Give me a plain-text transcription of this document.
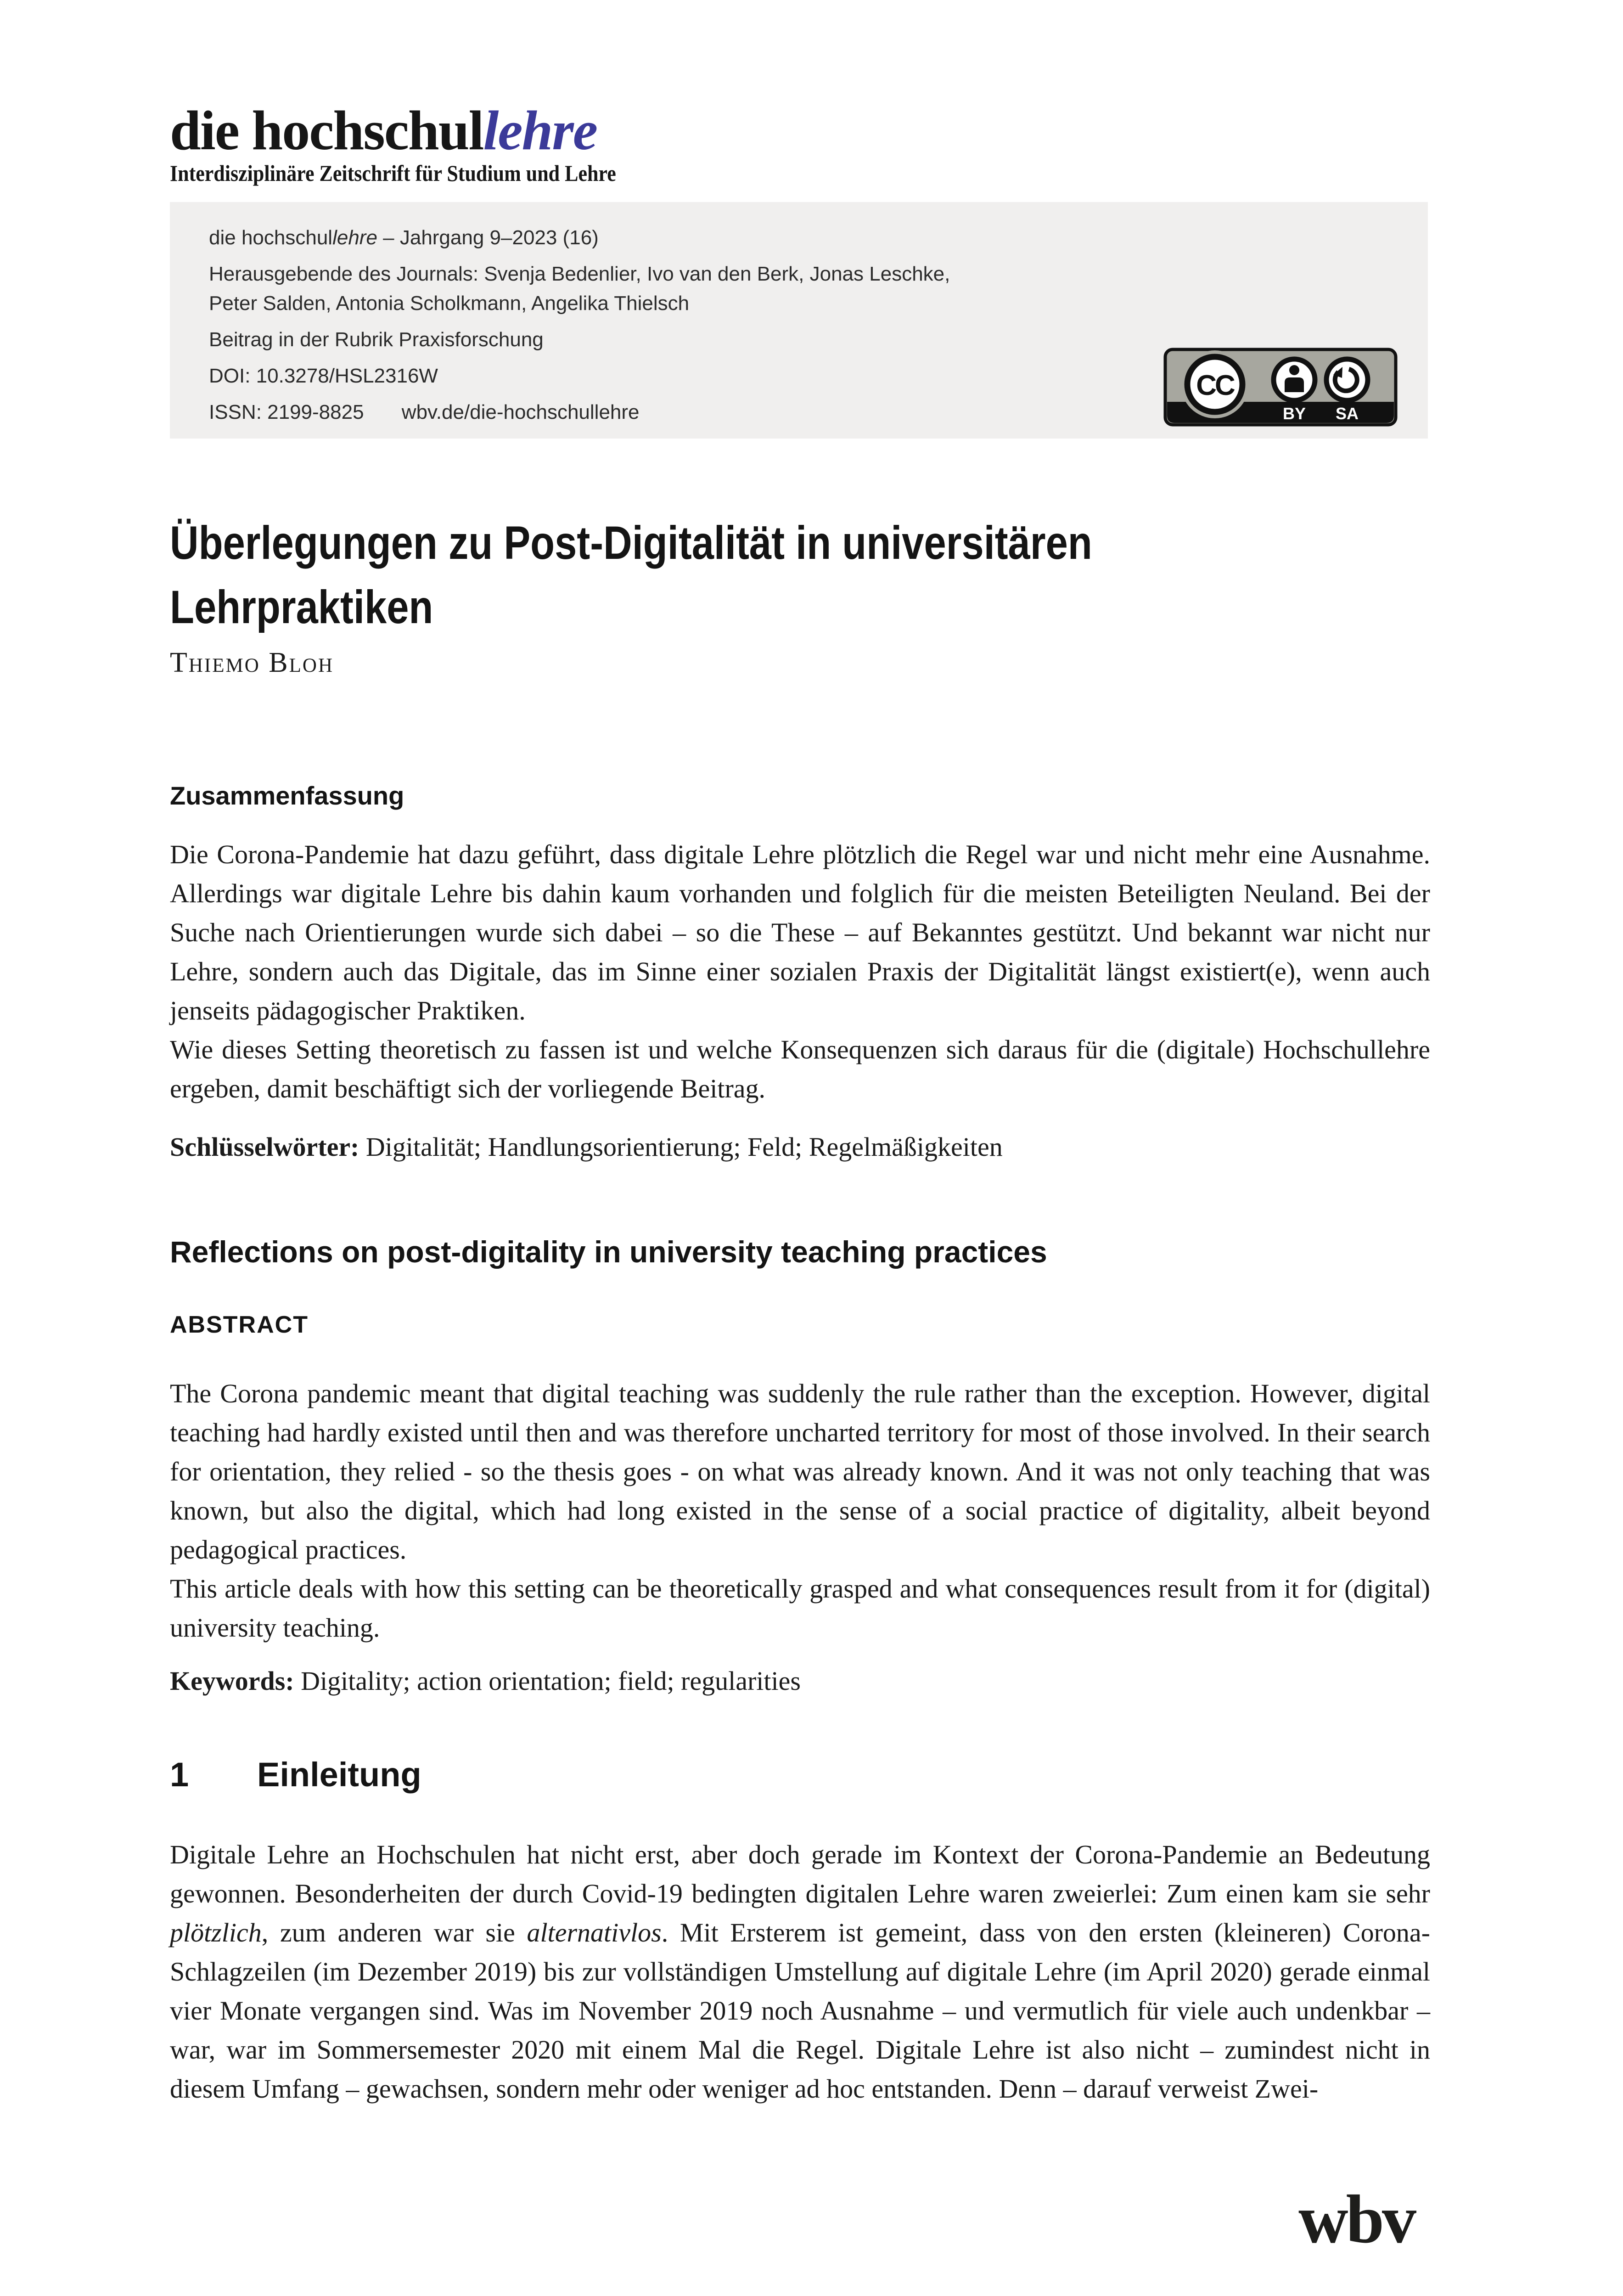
die hochschullehre
Interdisziplinäre Zeitschrift für Studium und Lehre

die hochschullehre – Jahrgang 9–2023 (16)

Herausgebende des Journals: Svenja Bedenlier, Ivo van den Berk, Jonas Leschke,

Peter Salden, Antonia Scholkmann, Angelika Thielsch

Beitrag in der Rubrik Praxisforschung

DOI: 10.3278/HSL2316W

ISSN: 2199-8825 wbv.de/die-hochschullehre

CC
BY SA
Überlegungen zu Post-Digitalität in universitären
Lehrpraktiken
Thiemo Bloh
Zusammenfassung

Die Corona-Pandemie hat dazu geführt, dass digitale Lehre plötzlich die Regel war und nicht mehr eine Ausnahme. Allerdings war digitale Lehre bis dahin kaum vorhanden und folglich für die meisten Beteiligten Neuland. Bei der Suche nach Orientierungen wurde sich dabei – so die These – auf Bekanntes gestützt. Und bekannt war nicht nur Lehre, sondern auch das Digitale, das im Sinne einer sozialen Praxis der Digitalität längst existiert(e), wenn auch jenseits pädagogischer Praktiken.

Wie dieses Setting theoretisch zu fassen ist und welche Konsequenzen sich daraus für die (digitale) Hochschullehre ergeben, damit beschäftigt sich der vorliegende Beitrag.

Schlüsselwörter: Digitalität; Handlungsorientierung; Feld; Regelmäßigkeiten

Reflections on post-digitality in university teaching practices
ABSTRACT

The Corona pandemic meant that digital teaching was suddenly the rule rather than the exception. However, digital teaching had hardly existed until then and was therefore uncharted territory for most of those involved. In their search for orientation, they relied - so the thesis goes - on what was already known. And it was not only teaching that was known, but also the digital, which had long existed in the sense of a social practice of digitality, albeit beyond pedagogical practices.

This article deals with how this setting can be theoretically grasped and what consequences result from it for (digital) university teaching.

Keywords: Digitality; action orientation; field; regularities

1 Einleitung

Digitale Lehre an Hochschulen hat nicht erst, aber doch gerade im Kontext der Corona-Pandemie an Bedeutung gewonnen. Besonderheiten der durch Covid-19 bedingten digitalen Lehre waren zweierlei: Zum einen kam sie sehr plötzlich, zum anderen war sie alternativlos. Mit Ersterem ist gemeint, dass von den ersten (kleineren) Corona-Schlagzeilen (im Dezember 2019) bis zur vollständigen Umstellung auf digitale Lehre (im April 2020) gerade einmal vier Monate vergangen sind. Was im November 2019 noch Ausnahme – und vermutlich für viele auch undenkbar – war, war im Sommersemester 2020 mit einem Mal die Regel. Digitale Lehre ist also nicht – zumindest nicht in diesem Umfang – gewachsen, sondern mehr oder weniger ad hoc entstanden. Denn – darauf verweist Zwei-

wbv
